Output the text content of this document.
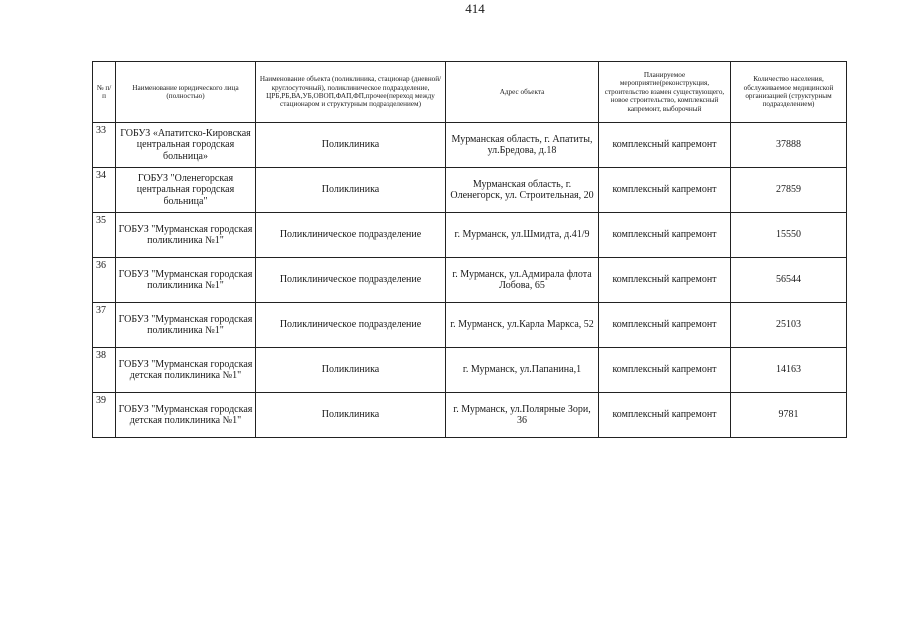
414
№ п/п	Наименование юридического лица (полностью)	Наименование объекта (поликлиника, стационар (дневной/круглосуточный), поликлиническое подразделение, ЦРБ,РБ,ВА,УБ,ОВОП,ФАП,ФП,прочее(переход между стационаром и структурным подразделением)	Адрес объекта	Планируемое мероприятие(реконструкция, строительство взамен существующего, новое строительство, комплексный капремонт, выборочный	Количество населения, обслуживаемое медицинской организацией (структурным подразделением)
33	ГОБУЗ «Апатитско-Кировская центральная городская больница»	Поликлиника	Мурманская область, г. Апатиты, ул.Бредова, д.18	комплексный капремонт	37888
34	ГОБУЗ "Оленегорская центральная городская больница"	Поликлиника	Мурманская область, г. Оленегорск, ул. Строительная, 20	комплексный капремонт	27859
35	ГОБУЗ "Мурманская городская поликлиника №1"	Поликлиническое подразделение	г. Мурманск, ул.Шмидта, д.41/9	комплексный капремонт	15550
36	ГОБУЗ "Мурманская городская поликлиника №1"	Поликлиническое подразделение	г. Мурманск, ул.Адмирала флота Лобова, 65	комплексный капремонт	56544
37	ГОБУЗ "Мурманская городская поликлиника №1"	Поликлиническое подразделение	г. Мурманск, ул.Карла Маркса, 52	комплексный капремонт	25103
38	ГОБУЗ "Мурманская городская детская поликлиника №1"	Поликлиника	г. Мурманск, ул.Папанина,1	комплексный капремонт	14163
39	ГОБУЗ "Мурманская городская детская поликлиника №1"	Поликлиника	г. Мурманск, ул.Полярные Зори, 36	комплексный капремонт	9781
